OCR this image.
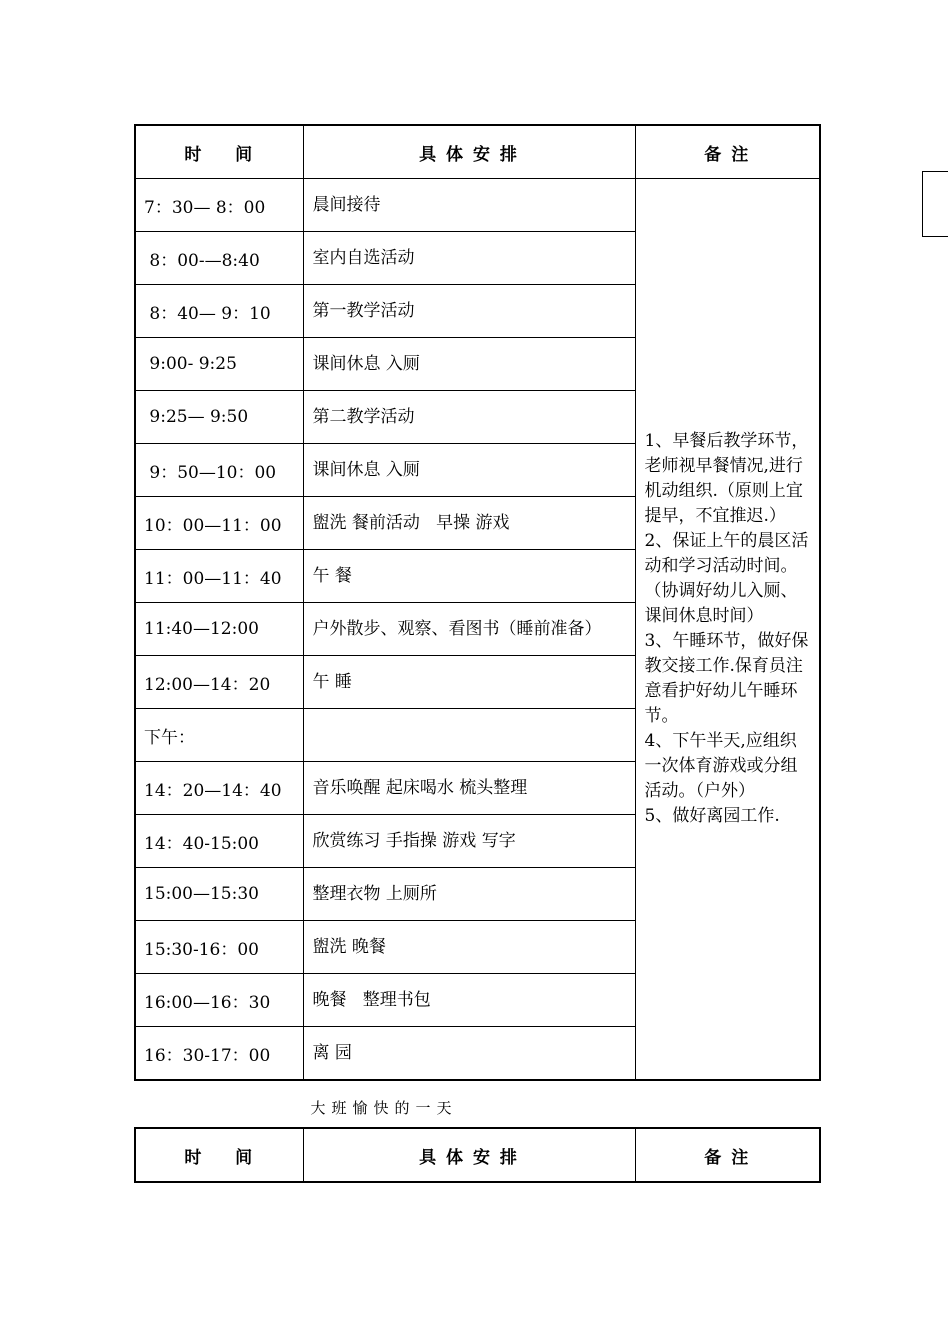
时    间	具 体 安 排	备 注
7：30— 8：00	晨间接待	1、早餐后教学环节，老师视早餐情况,进行机动组织.（原则上宜提早，不宜推迟.）
2、保证上午的晨区活动和学习活动时间。（协调好幼儿入厕、课间休息时间）
3、午睡环节，做好保教交接工作.保育员注意看护好幼儿午睡环节。
4、下午半天,应组织一次体育游戏或分组活动。（户外）
5、做好离园工作.

8：00-—8:40	室内自选活动	
8：40— 9：10	第一教学活动	
9:00- 9:25	课间休息 入厕	
9:25— 9:50	第二教学活动	
9：50—10：00	课间休息 入厕	
10：00—11：00	盥洗 餐前活动   早操 游戏	
11：00—11：40	午 餐	
11:40—12:00	户外散步、观察、看图书（睡前准备）	
12:00—14：20	午 睡	
下午：		
14：20—14：40	音乐唤醒 起床喝水 梳头整理	
14：40-15:00	欣赏练习 手指操 游戏 写字	
15:00—15:30	整理衣物 上厕所	
15:30-16：00	盥洗 晚餐	
16:00—16：30	晚餐   整理书包	
16：30-17：00	离 园	
大班愉快的一天
时    间	具 体 安 排	备 注
